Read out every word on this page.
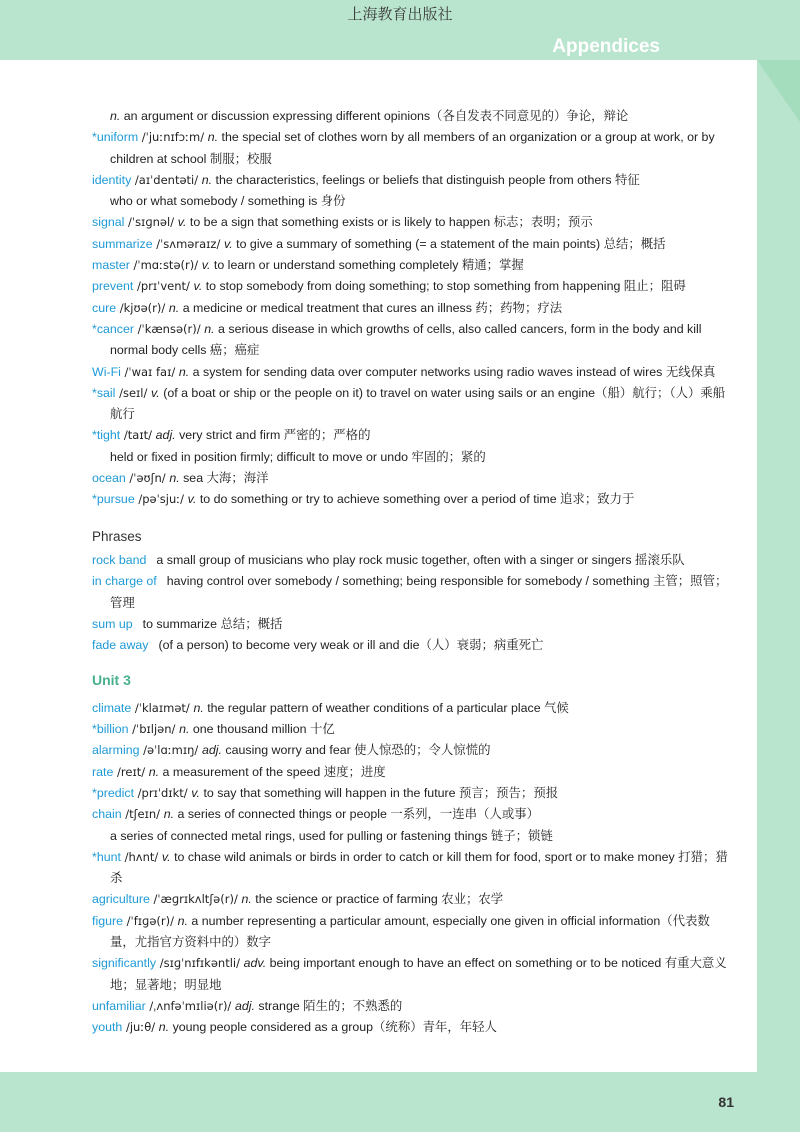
上海教育出版社
Appendices

n. an argument or discussion expressing different opinions（各自发表不同意见的）争论，辩论

*uniform /ˈjuːnɪfɔːm/ n. the special set of clothes worn by all members of an organization or a group at work, or by children at school 制服；校服

identity /aɪˈdentəti/ n. the characteristics, feelings or beliefs that distinguish people from others 特征

who or what somebody / something is 身份

signal /ˈsɪɡnəl/ v. to be a sign that something exists or is likely to happen 标志；表明；预示

summarize /ˈsʌməraɪz/ v. to give a summary of something (= a statement of the main points) 总结；概括

master /ˈmɑːstə(r)/ v. to learn or understand something completely 精通；掌握

prevent /prɪˈvent/ v. to stop somebody from doing something; to stop something from happening 阻止；阻碍

cure /kjʊə(r)/ n. a medicine or medical treatment that cures an illness 药；药物；疗法

*cancer /ˈkænsə(r)/ n. a serious disease in which growths of cells, also called cancers, form in the body and kill normal body cells 癌；癌症

Wi-Fi /ˈwaɪ faɪ/ n. a system for sending data over computer networks using radio waves instead of wires 无线保真

*sail /seɪl/ v. (of a boat or ship or the people on it) to travel on water using sails or an engine（船）航行；（人）乘船航行

*tight /taɪt/ adj. very strict and firm 严密的；严格的

held or fixed in position firmly; difficult to move or undo 牢固的；紧的

ocean /ˈəʊʃn/ n. sea 大海；海洋

*pursue /pəˈsjuː/ v. to do something or try to achieve something over a period of time 追求；致力于

Phrases

rock band a small group of musicians who play rock music together, often with a singer or singers 摇滚乐队

in charge of having control over somebody / something; being responsible for somebody / something 主管；照管；管理

sum up to summarize 总结；概括

fade away (of a person) to become very weak or ill and die（人）衰弱；病重死亡

Unit 3

climate /ˈklaɪmət/ n. the regular pattern of weather conditions of a particular place 气候

*billion /ˈbɪljən/ n. one thousand million 十亿

alarming /əˈlɑːmɪŋ/ adj. causing worry and fear 使人惊恐的；令人惊慌的

rate /reɪt/ n. a measurement of the speed 速度；进度

*predict /prɪˈdɪkt/ v. to say that something will happen in the future 预言；预告；预报

chain /tʃeɪn/ n. a series of connected things or people 一系列，一连串（人或事）

a series of connected metal rings, used for pulling or fastening things 链子；锁链

*hunt /hʌnt/ v. to chase wild animals or birds in order to catch or kill them for food, sport or to make money 打猎；猎杀

agriculture /ˈæɡrɪkʌltʃə(r)/ n. the science or practice of farming 农业；农学

figure /ˈfɪɡə(r)/ n. a number representing a particular amount, especially one given in official information（代表数量，尤指官方资料中的）数字

significantly /sɪɡˈnɪfɪkəntli/ adv. being important enough to have an effect on something or to be noticed 有重大意义地；显著地；明显地

unfamiliar /ˌʌnfəˈmɪliə(r)/ adj. strange 陌生的；不熟悉的

youth /juːθ/ n. young people considered as a group（统称）青年，年轻人

81
